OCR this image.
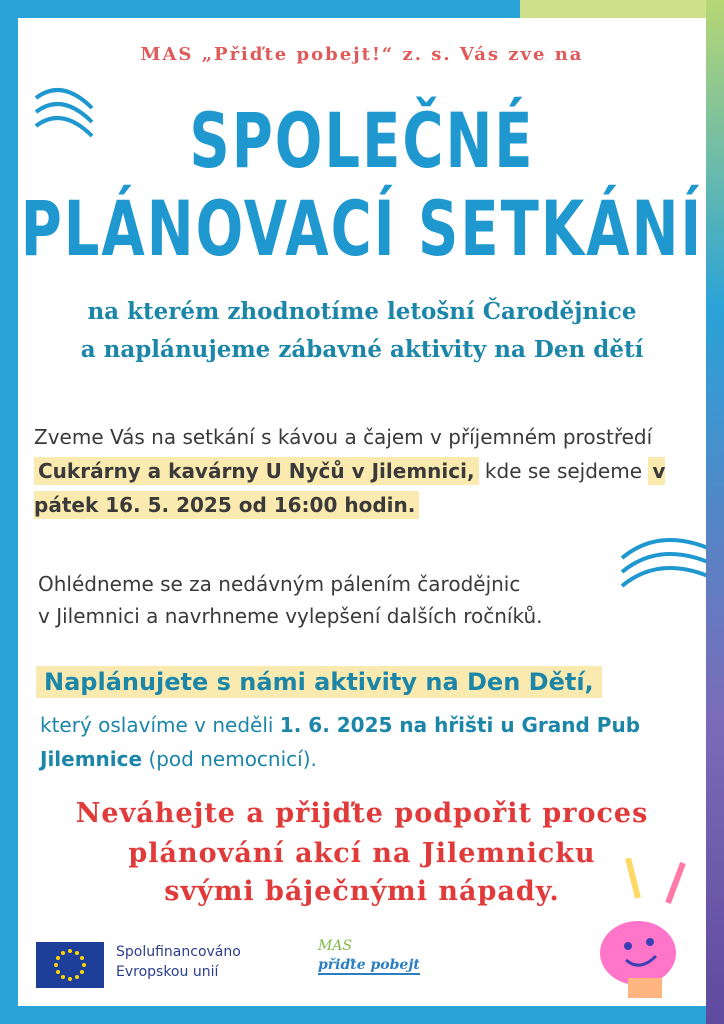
MAS „Přiďte pobejt!“ z. s. Vás zve na
SPOLEČNÉ
PLÁNOVACÍ SETKÁNÍ
na kterém zhodnotíme letošní Čarodějnice
a naplánujeme zábavné aktivity na Den dětí
Zveme Vás na setkání s kávou a čajem v příjemném prostředí Cukrárny a kavárny U Nyčů v Jilemnici, kde se sejdeme v pátek 16. 5. 2025 od 16:00 hodin.
Ohlédneme se za nedávným pálením čarodějnic
v Jilemnici a navrhneme vylepšení dalších ročníků.
Naplánujete s námi aktivity na Den Dětí,
který oslavíme v neděli 1. 6. 2025 na hřišti u Grand Pub Jilemnice (pod nemocnicí).
Neváhejte a přijďte podpořit proces
plánování akcí na Jilemnicku
svými báječnými nápady.
Spolufinancováno
Evropskou unií
MAS
přiďte pobejt
